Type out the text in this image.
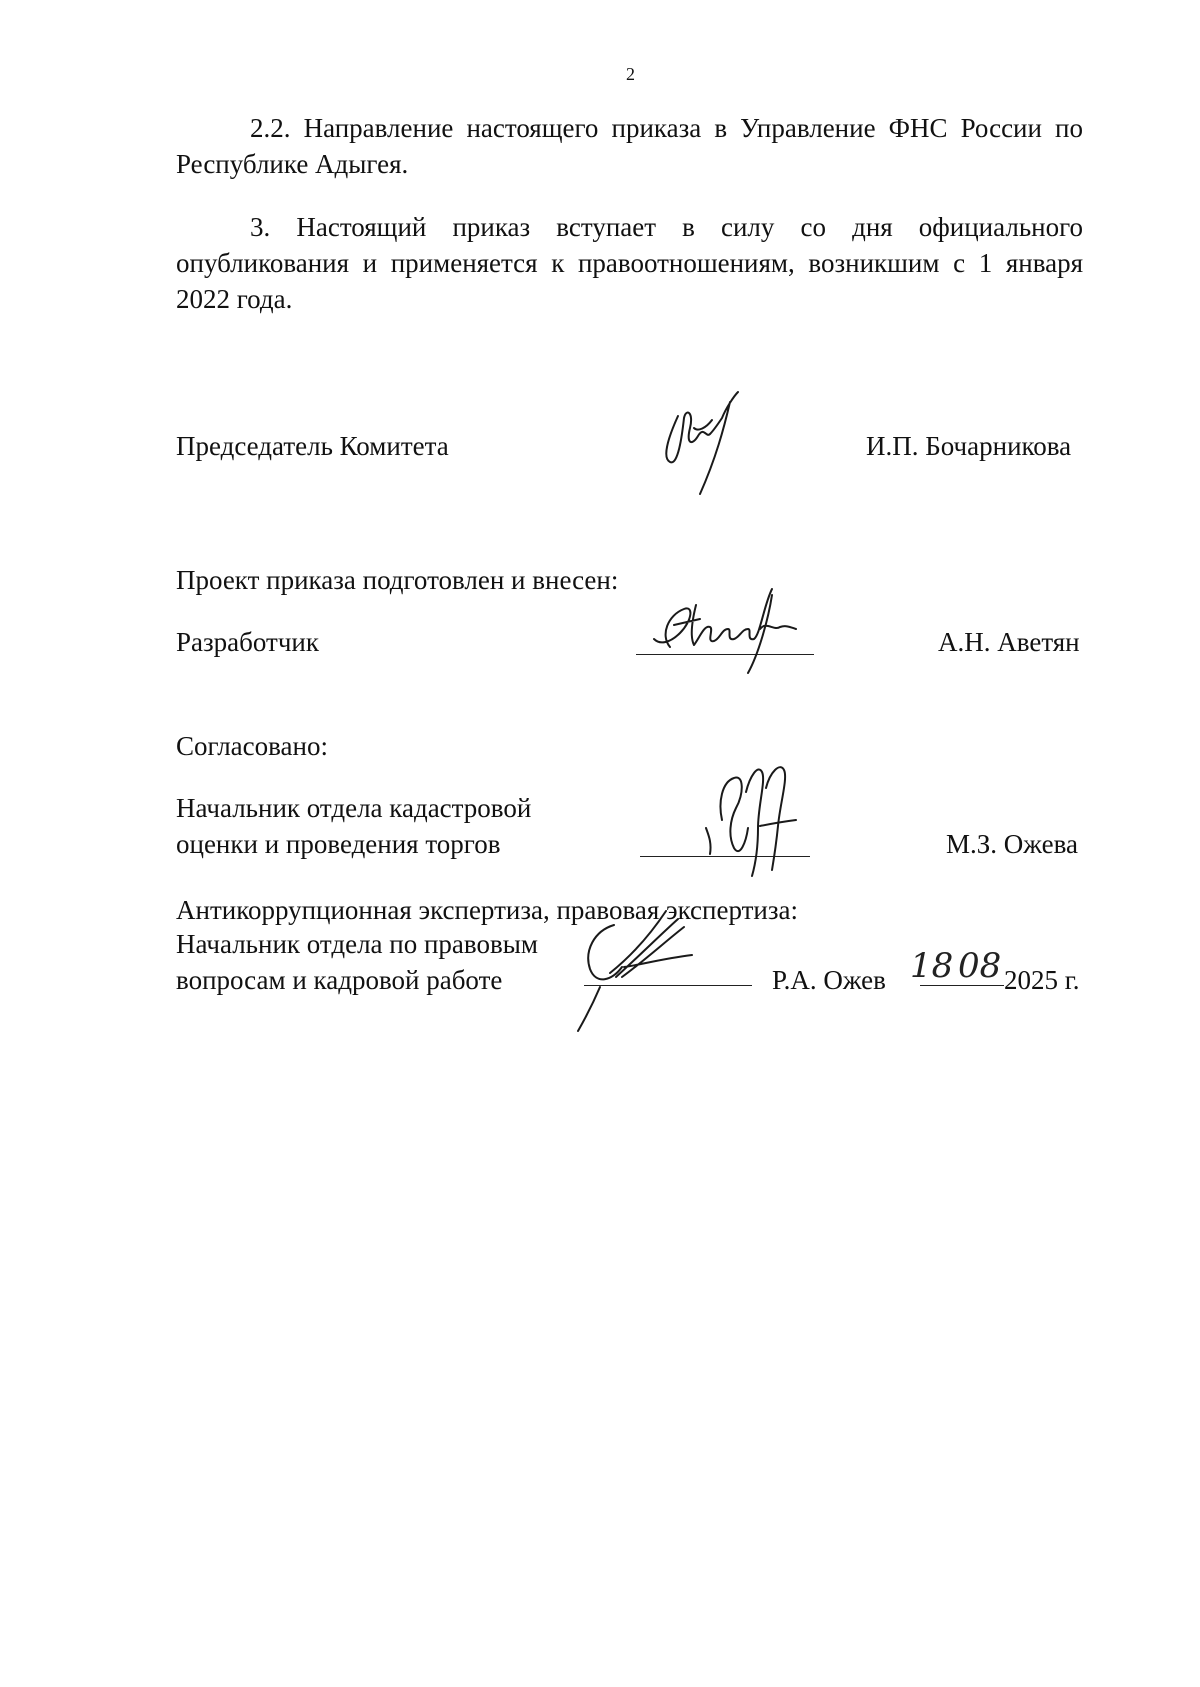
2
2.2. Направление настоящего приказа в Управление ФНС России по
Республике Адыгея.
3. Настоящий приказ вступает в силу со дня официального
опубликования и применяется к правоотношениям, возникшим с 1 января
2022 года.
Председатель Комитета	И.П. Бочарникова
Проект приказа подготовлен и внесен:
Разработчик	А.Н. Аветян
Согласовано:
Начальник отдела кадастровой
оценки и проведения торгов	М.З. Ожева
Антикоррупционная экспертиза, правовая экспертиза:
Начальник отдела по правовым
вопросам и кадровой работе	Р.А. Ожев 18 08 2025 г.
